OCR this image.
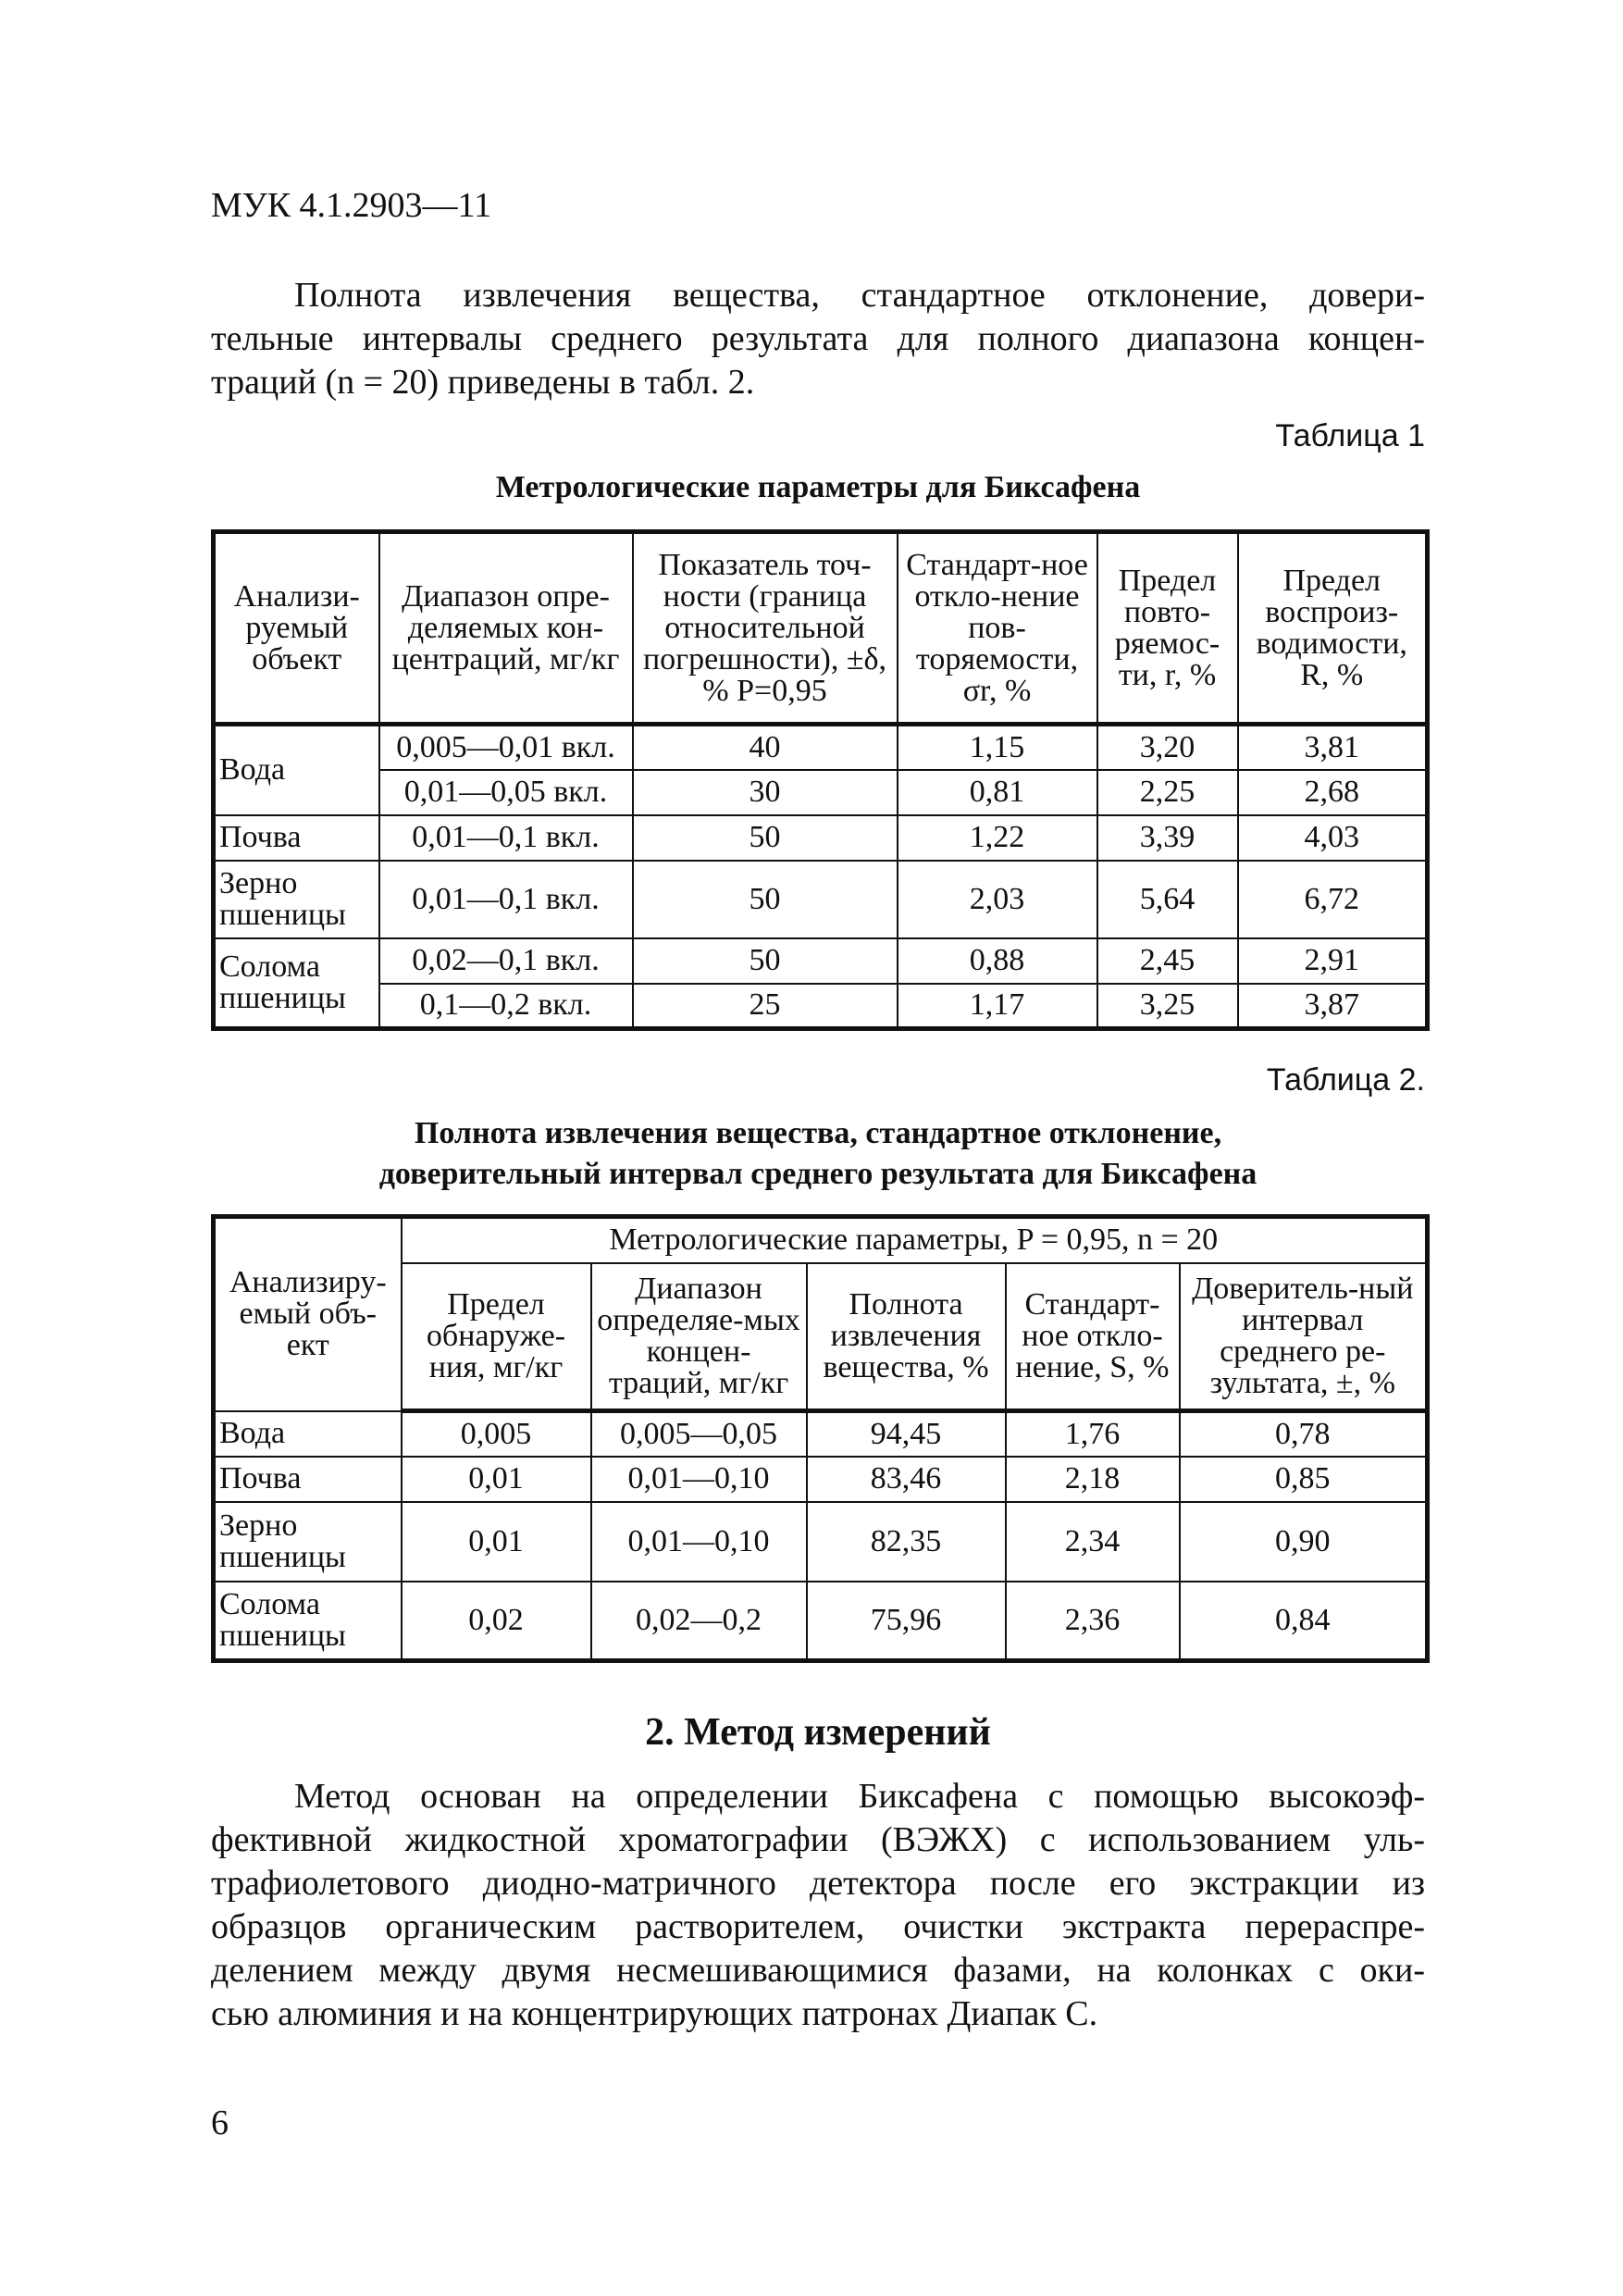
МУК 4.1.2903—11
Полнота извлечения вещества, стандартное отклонение, довери-
тельные интервалы среднего результата для полного диапазона концен-
траций (n = 20) приведены в табл. 2.
Таблица 1
Метрологические параметры для Биксафена
Анализи-руемый объект	Диапазон опре-деляемых кон-центраций, мг/кг	Показатель точ-ности (граница относительной погрешности), ±δ, % P=0,95	Стандарт-ное откло-нение пов-торяемости, σr, %	Предел повто-ряемос-ти, r, %	Предел воспроиз-водимости, R, %
Вода	0,005—0,01 вкл.	40	1,15	3,20	3,81
	0,01—0,05 вкл.	30	0,81	2,25	2,68
Почва	0,01—0,1 вкл.	50	1,22	3,39	4,03
Зерно пшеницы	0,01—0,1 вкл.	50	2,03	5,64	6,72
Солома пшеницы	0,02—0,1 вкл.	50	0,88	2,45	2,91
	0,1—0,2 вкл.	25	1,17	3,25	3,87
Таблица 2.
Полнота извлечения вещества, стандартное отклонение,
доверительный интервал среднего результата для Биксафена
Анализиру-емый объ-ект	Метрологические параметры, P = 0,95, n = 20				
	Предел обнаруже-ния, мг/кг	Диапазон определяе-мых концен-траций, мг/кг	Полнота извлечения вещества, %	Стандарт-ное откло-нение, S, %	Доверитель-ный интервал среднего ре-зультата, ±, %
Вода	0,005	0,005—0,05	94,45	1,76	0,78
Почва	0,01	0,01—0,10	83,46	2,18	0,85
Зерно пшеницы	0,01	0,01—0,10	82,35	2,34	0,90
Солома пшеницы	0,02	0,02—0,2	75,96	2,36	0,84
2. Метод измерений
Метод основан на определении Биксафена с помощью высокоэф-
фективной жидкостной хроматографии (ВЭЖХ) с использованием уль-
трафиолетового диодно-матричного детектора после его экстракции из
образцов органическим растворителем, очистки экстракта перераспре-
делением между двумя несмешивающимися фазами, на колонках с оки-
сью алюминия и на концентрирующих патронах Диапак С.
6
